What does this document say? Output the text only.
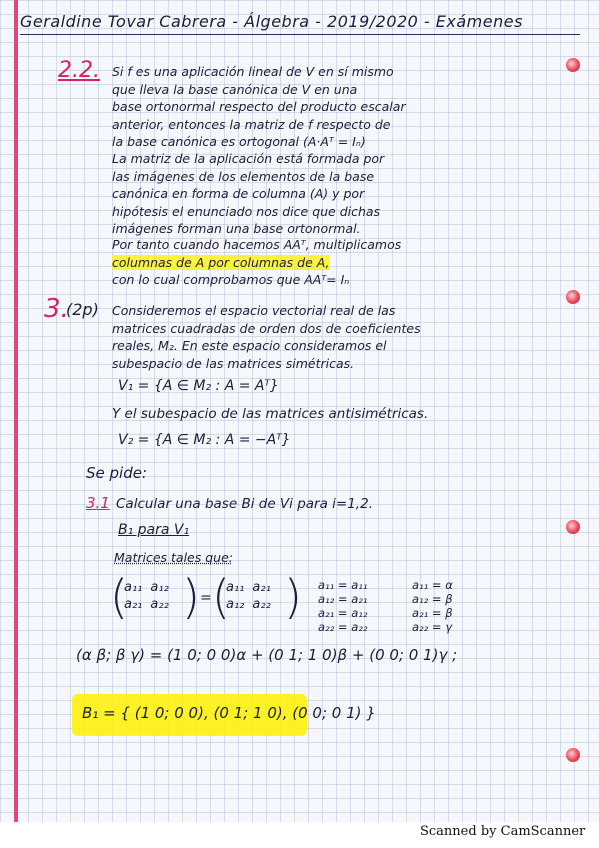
Geraldine Tovar Cabrera - Álgebra - 2019/2020 - Exámenes
2.2. Si f es una aplicación lineal de V en sí mismo
que lleva la base canónica de V en una
base ortonormal respecto del producto escalar
anterior, entonces la matriz de f respecto de
la base canónica es ortogonal (A·Aᵀ = Iₙ)
La matriz de la aplicación está formada por
las imágenes de los elementos de la base
canónica en forma de columna (A) y por
hipótesis el enunciado nos dice que dichas
imágenes forman una base ortonormal.
Por tanto cuando hacemos AAᵀ, multiplicamos
columnas de A por columnas de A,
con lo cual comprobamos que AAᵀ= Iₙ
3.
(2p) Consideremos el espacio vectorial real de las
matrices cuadradas de orden dos de coeficientes
reales, M₂. En este espacio consideramos el
subespacio de las matrices simétricas.
V₁ = {A ∈ M₂ : A = Aᵀ}
Y el subespacio de las matrices antisimétricas.
V₂ = {A ∈ M₂ : A = −Aᵀ}
Se pide:
3.1 Calcular una base Bi de Vi para i=1,2.
B₁ para V₁
Matrices tales que:
(
a₁₁ a₁₂
a₂₁ a₂₂ ) = (
a₁₁ a₂₁
a₁₂ a₂₂ ) a₁₁ = a₁₁
a₁₂ = a₂₁
a₂₁ = a₁₂
a₂₂ = a₂₂
a₁₁ = α
a₁₂ = β
a₂₁ = β
a₂₂ = γ
(α β; β γ) = (1 0; 0 0)α + (0 1; 1 0)β + (0 0; 0 1)γ ;
B₁ = { (1 0; 0 0), (0 1; 1 0), (0 0; 0 1) }
Scanned by CamScanner
